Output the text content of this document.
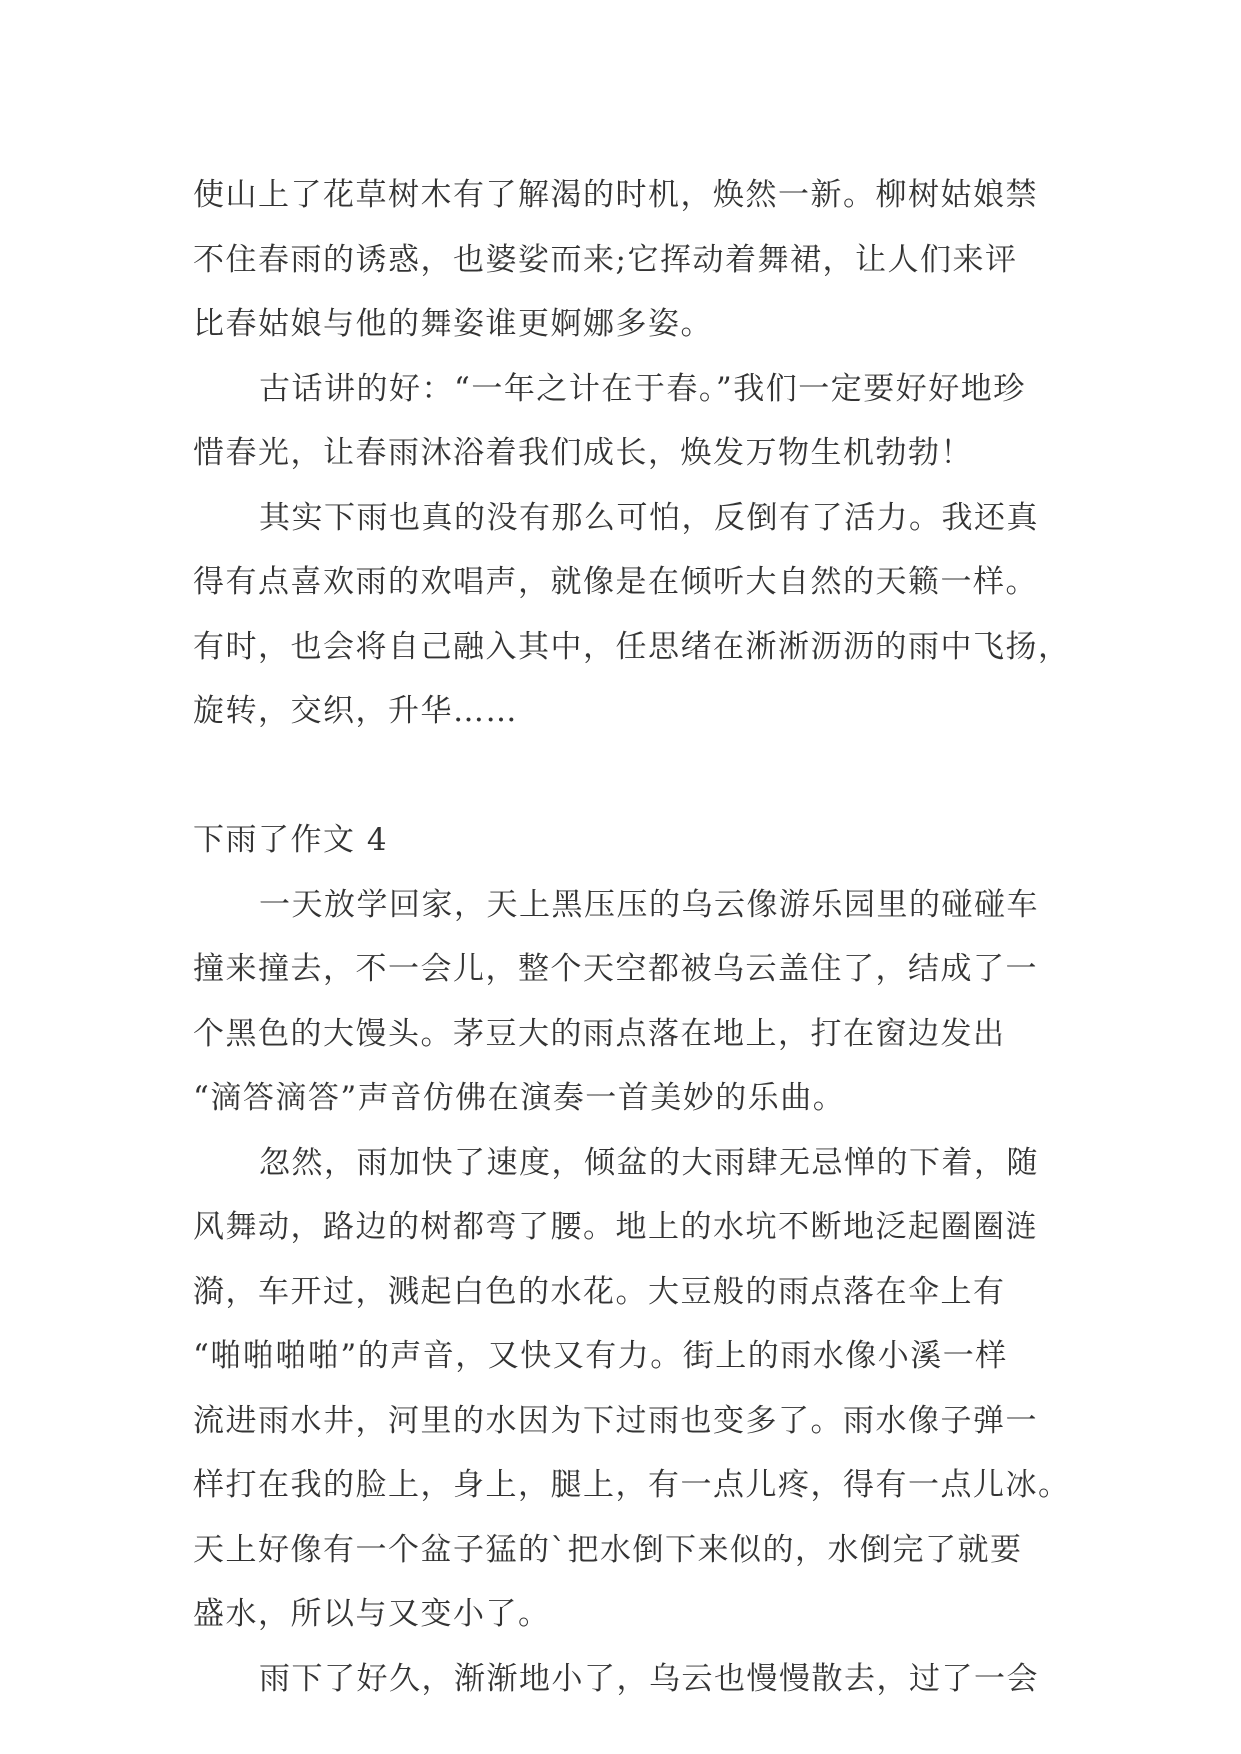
使山上了花草树木有了解渴的时机，焕然一新。柳树姑娘禁
不住春雨的诱惑，也婆娑而来;它挥动着舞裙，让人们来评
比春姑娘与他的舞姿谁更婀娜多姿。
古话讲的好：“一年之计在于春。”我们一定要好好地珍
惜春光，让春雨沐浴着我们成长，焕发万物生机勃勃！
其实下雨也真的没有那么可怕，反倒有了活力。我还真
得有点喜欢雨的欢唱声，就像是在倾听大自然的天籁一样。
有时，也会将自己融入其中，任思绪在淅淅沥沥的雨中飞扬，
旋转，交织，升华……
下雨了作文 4
一天放学回家，天上黑压压的乌云像游乐园里的碰碰车
撞来撞去，不一会儿，整个天空都被乌云盖住了，结成了一
个黑色的大馒头。茅豆大的雨点落在地上，打在窗边发出
“滴答滴答”声音仿佛在演奏一首美妙的乐曲。
忽然，雨加快了速度，倾盆的大雨肆无忌惮的下着，随
风舞动，路边的树都弯了腰。地上的水坑不断地泛起圈圈涟
漪，车开过，溅起白色的水花。大豆般的雨点落在伞上有
“啪啪啪啪”的声音，又快又有力。街上的雨水像小溪一样
流进雨水井，河里的水因为下过雨也变多了。雨水像子弹一
样打在我的脸上，身上，腿上，有一点儿疼，得有一点儿冰。
天上好像有一个盆子猛的`把水倒下来似的，水倒完了就要
盛水，所以与又变小了。
雨下了好久，渐渐地小了，乌云也慢慢散去，过了一会
